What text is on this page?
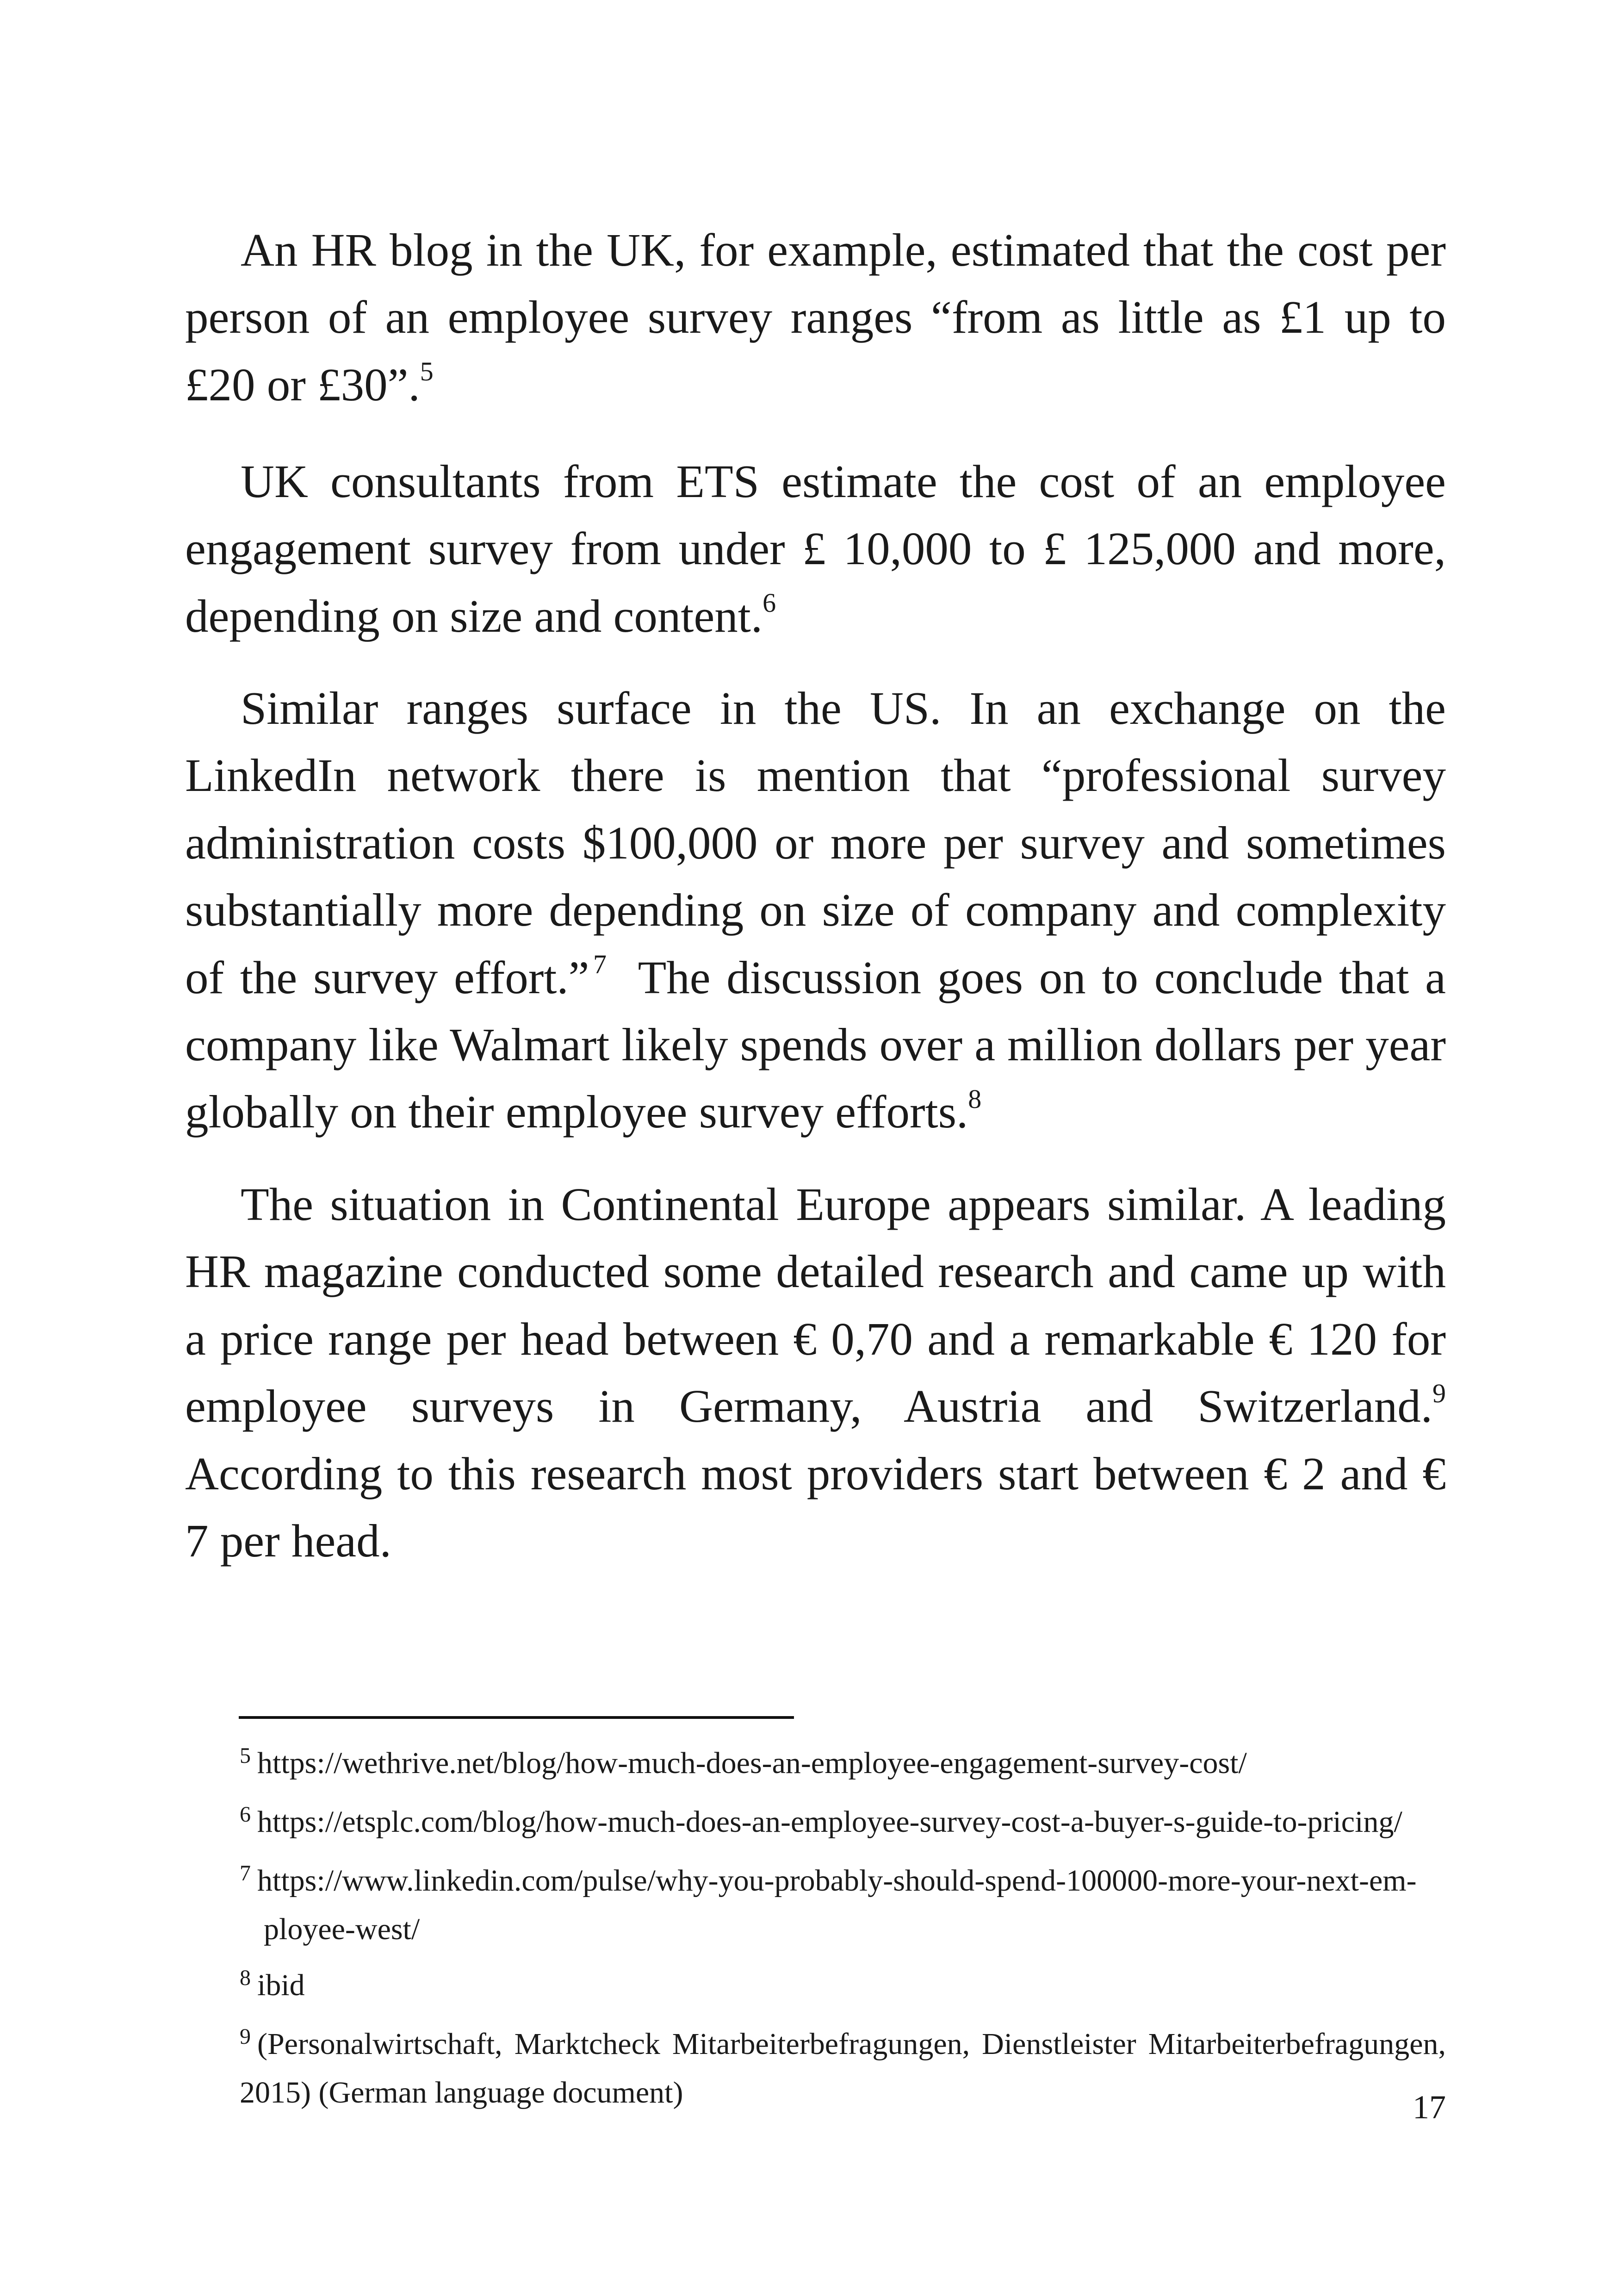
An HR blog in the UK, for example, estimated that the cost per person of an employee survey ranges “from as little as £1 up to £20 or £30”.$^5$

UK consultants from ETS estimate the cost of an employee engagement survey from under £ 10,000 to £ 125,000 and more, depending on size and content.$^6$

Similar ranges surface in the US. In an exchange on the LinkedIn network there is mention that “professional survey administration costs $100,000 or more per survey and sometimes substantially more depending on size of company and complexity of the survey effort.”  $^7$ The discussion goes on to conclude that a company like Walmart likely spends over a million dollars per year globally on their employee survey efforts.$^8$

The situation in Continental Europe appears similar. A leading HR magazine conducted some detailed research and came up with a price range per head between € 0,70 and a remarkable € 120 for employee surveys in Germany, Austria and Switzerland.$^9$ According to this research most providers start between € 2 and € 7 per head.

$^5$ https://wethrive.net/blog/how-much-does-an-employee-engagement-survey-cost/
$^6$ https://etsplc.com/blog/how-much-does-an-employee-survey-cost-a-buyer-s-guide-to-pricing/
$^7$ https://www.linkedin.com/pulse/why-you-probably-should-spend-100000-more-your-next-em-
ployee-west/
$^8$ ibid
$^9$ (Personalwirtschaft, Marktcheck Mitarbeiterbefragungen, Dienstleister Mitarbeiterbefragungen, 2015) (German language document)	17
